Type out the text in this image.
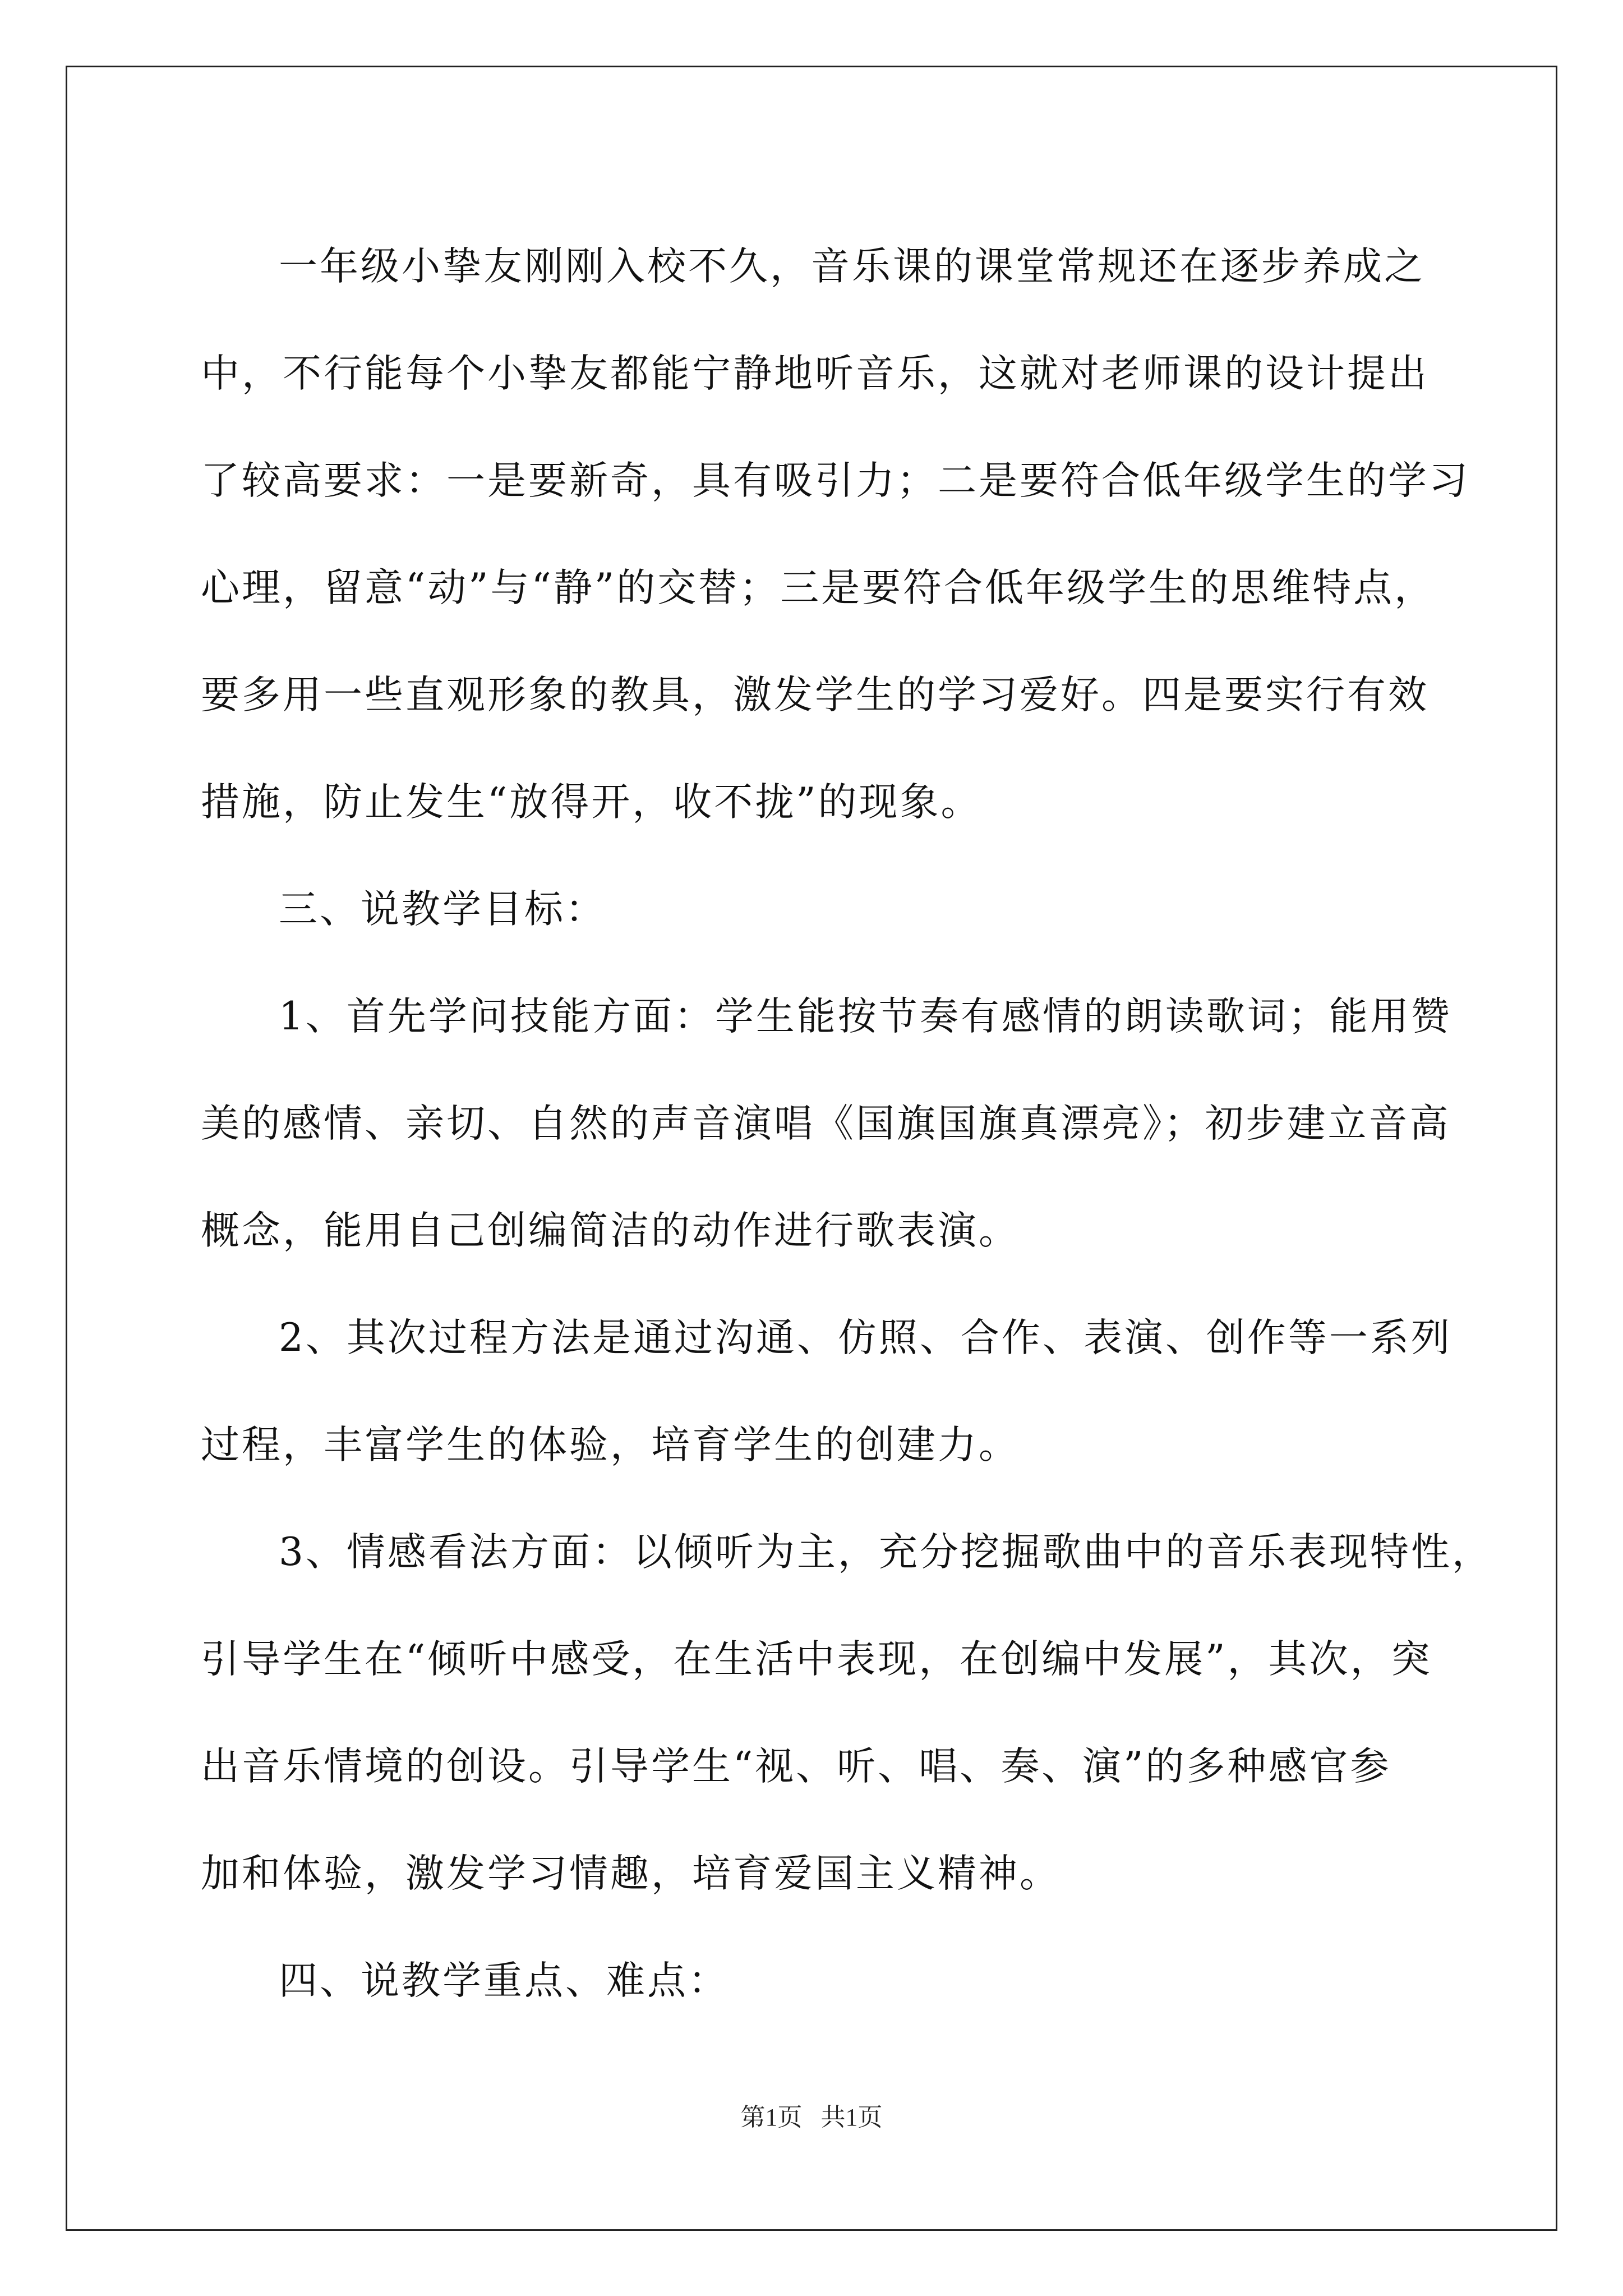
一年级小挚友刚刚入校不久，音乐课的课堂常规还在逐步养成之
中，不行能每个小挚友都能宁静地听音乐，这就对老师课的设计提出
了较高要求：一是要新奇，具有吸引力；二是要符合低年级学生的学习
心理，留意“动”与“静”的交替；三是要符合低年级学生的思维特点，
要多用一些直观形象的教具，激发学生的学习爱好。四是要实行有效
措施，防止发生“放得开，收不拢”的现象。

三、说教学目标：

1、首先学问技能方面：学生能按节奏有感情的朗读歌词；能用赞
美的感情、亲切、自然的声音演唱《国旗国旗真漂亮》；初步建立音高
概念，能用自己创编简洁的动作进行歌表演。

2、其次过程方法是通过沟通、仿照、合作、表演、创作等一系列
过程，丰富学生的体验，培育学生的创建力。

3、情感看法方面：以倾听为主，充分挖掘歌曲中的音乐表现特性，
引导学生在“倾听中感受，在生活中表现，在创编中发展”，其次，突
出音乐情境的创设。引导学生“视、听、唱、奏、演”的多种感官参
加和体验，激发学习情趣，培育爱国主义精神。

四、说教学重点、难点：

第1页   共1页
